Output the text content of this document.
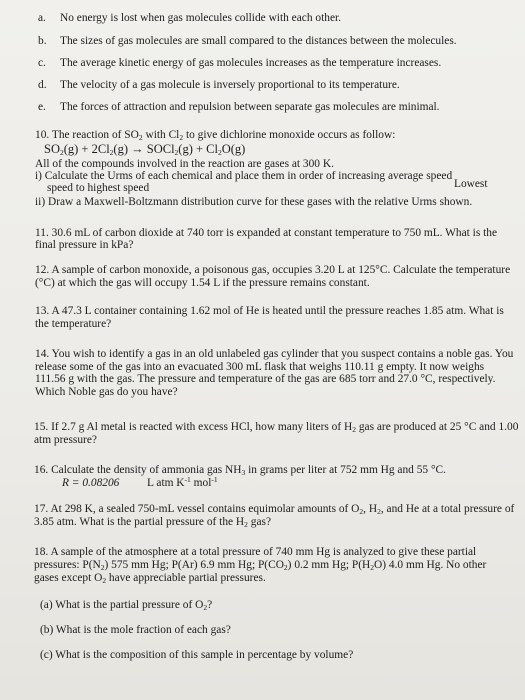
a. No energy is lost when gas molecules collide with each other.
b. The sizes of gas molecules are small compared to the distances between the molecules.
c. The average kinetic energy of gas molecules increases as the temperature increases.
d. The velocity of a gas molecule is inversely proportional to its temperature.
e. The forces of attraction and repulsion between separate gas molecules are minimal.
10. The reaction of $SO_2$ with $Cl_2$ to give dichlorine monoxide occurs as follow:
$SO_2(g) + 2Cl_2(g)$ → SOCl$_2$(g) + $Cl_2O(g)$
All of the compounds involved in the reaction are gases at 300 K.
i) Calculate the Urms of each chemical and place them in order of increasing average speed
Lowest
speed to highest speed
ii) Draw a Maxwell-Boltzmann distribution curve for these gases with the relative Urms shown.
11. 30.6 mL of carbon dioxide at 740 torr is expanded at constant temperature to 750 mL. What is the
final pressure in kPa?
12. A sample of carbon monoxide, a poisonous gas, occupies 3.20 L at 125°C. Calculate the temperature
(°C) at which the gas will occupy 1.54 L if the pressure remains constant.
13. A 47.3 L container containing 1.62 mol of He is heated until the pressure reaches 1.85 atm. What is
the temperature?
14. You wish to identify a gas in an old unlabeled gas cylinder that you suspect contains a noble gas. You
release some of the gas into an evacuated 300 mL flask that weighs 110.11 g empty. It now weighs
111.56 g with the gas. The pressure and temperature of the gas are 685 torr and 27.0 °C, respectively.
Which Noble gas do you have?
15. If 2.7 g Al metal is reacted with excess HCl, how many liters of $H_2$ gas are produced at 25 °C and 1.00
atm pressure?
16. Calculate the density of ammonia gas $NH_3$ in grams per liter at 752 mm Hg and 55 °C.
R = 0.08206 L atm $K^{-1}$ mol$^{-1}$
17. At 298 K, a sealed 750-mL vessel contains equimolar amounts of $O_2$, $H_2$, and He at a total pressure of
3.85 atm. What is the partial pressure of the $H_2$ gas?
18. A sample of the atmosphere at a total pressure of 740 mm Hg is analyzed to give these partial
pressures: $P(N_2)$ 575 mm Hg; P(Ar) 6.9 mm Hg; $P(CO_2)$ 0.2 mm Hg; $P(H_2O)$ 4.0 mm Hg. No other
gases except $O_2$ have appreciable partial pressures.
(a) What is the partial pressure of $O_2$?
(b) What is the mole fraction of each gas?
(c) What is the composition of this sample in percentage by volume?
